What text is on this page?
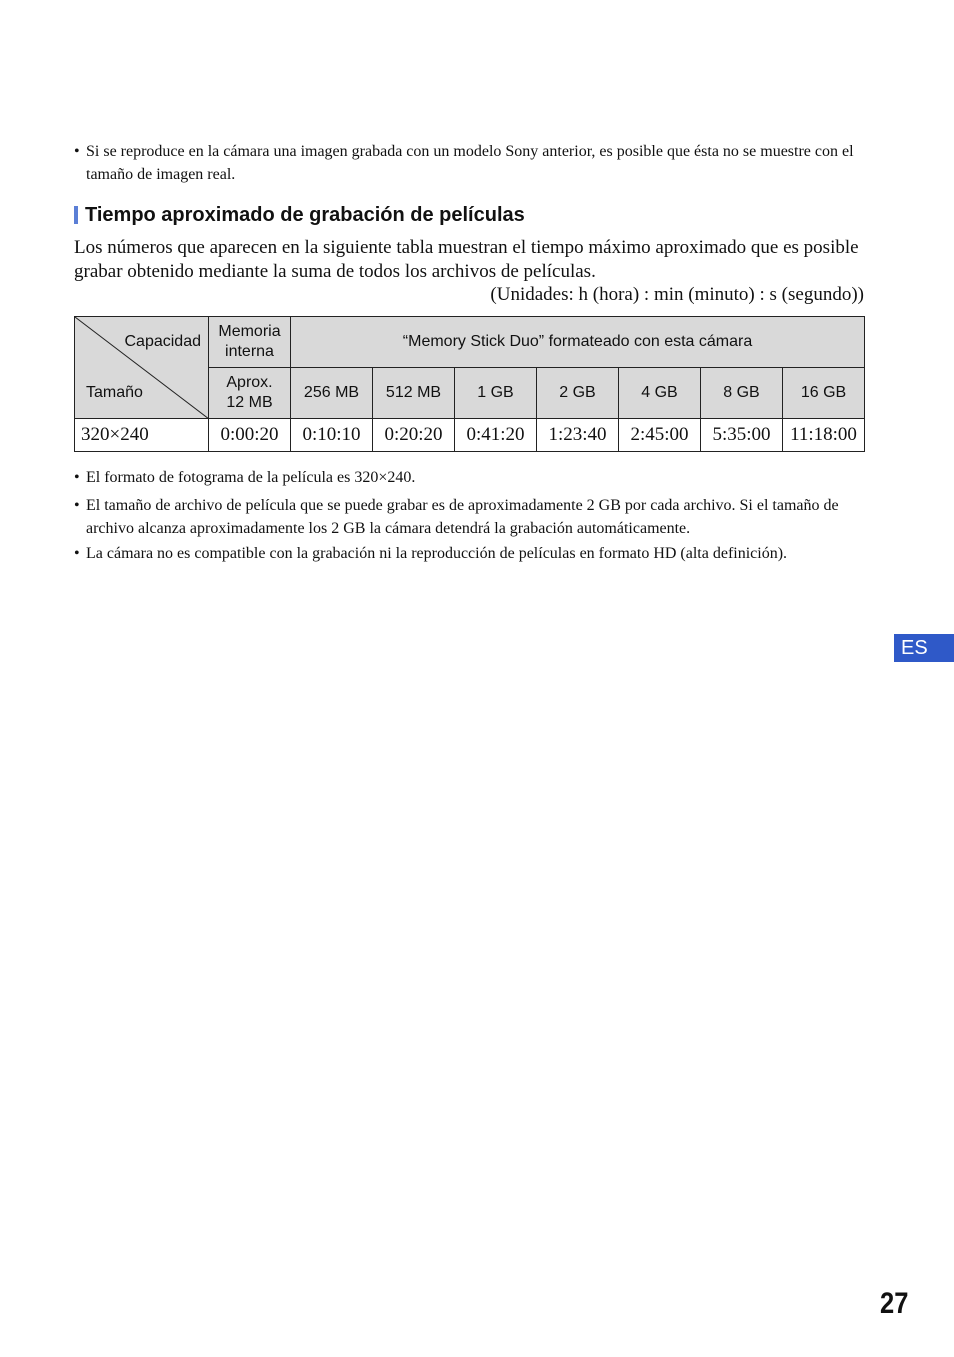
• Si se reproduce en la cámara una imagen grabada con un modelo Sony anterior, es posible que ésta no se muestre con el tamaño de imagen real.
Tiempo aproximado de grabación de películas
Los números que aparecen en la siguiente tabla muestran el tiempo máximo aproximado que es posible grabar obtenido mediante la suma de todos los archivos de películas.
(Unidades: h (hora) : min (minuto) : s (segundo))
Capacidad
Tamaño	Memoria interna	“Memory Stick Duo” formateado con esta cámara						
	Aprox. 12 MB	256 MB	512 MB	1 GB	2 GB	4 GB	8 GB	16 GB
320×240	0:00:20	0:10:10	0:20:20	0:41:20	1:23:40	2:45:00	5:35:00	11:18:00
• El formato de fotograma de la película es 320×240.
• El tamaño de archivo de película que se puede grabar es de aproximadamente 2 GB por cada archivo. Si el tamaño de archivo alcanza aproximadamente los 2 GB la cámara detendrá la grabación automáticamente.
• La cámara no es compatible con la grabación ni la reproducción de películas en formato HD (alta definición).
ES
27
